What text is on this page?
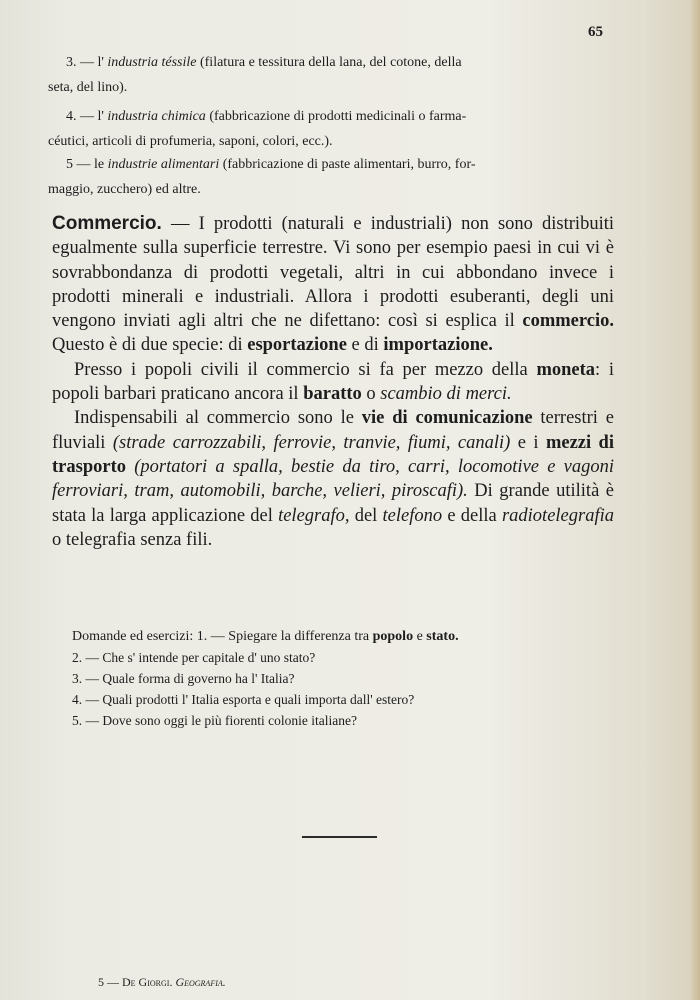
65
3. — l' industria téssile (filatura e tessitura della lana, del cotone, della
seta, del lino).
4. — l' industria chimica (fabbricazione di prodotti medicinali o farma-
céutici, articoli di profumeria, saponi, colori, ecc.).
5 — le industrie alimentari (fabbricazione di paste alimentari, burro, for-
maggio, zucchero) ed altre.

Commercio. — I prodotti (naturali e industriali) non sono distribuiti egualmente sulla superficie terrestre. Vi sono per esempio paesi in cui vi è sovrabbondanza di prodotti vegetali, altri in cui abbondano invece i prodotti minerali e industriali. Allora i prodotti esuberanti, degli uni vengono inviati agli altri che ne difettano: così si esplica il commercio. Questo è di due specie: di esportazione e di importazione.

Presso i popoli civili il commercio si fa per mezzo della moneta: i popoli barbari praticano ancora il baratto o scambio di merci.

Indispensabili al commercio sono le vie di comunicazione terrestri e fluviali (strade carrozzabili, ferrovie, tranvie, fiumi, canali) e i mezzi di trasporto (portatori a spalla, bestie da tiro, carri, locomotive e vagoni ferroviari, tram, automobili, barche, velieri, piroscafi). Di grande utilità è stata la larga applicazione del telegrafo, del telefono e della radiotelegrafia o telegrafia senza fili.

Domande ed esercizi: 1. — Spiegare la differenza tra popolo e stato.
2. — Che s' intende per capitale d' uno stato?
3. — Quale forma di governo ha l' Italia?
4. — Quali prodotti l' Italia esporta e quali importa dall' estero?
5. — Dove sono oggi le più fiorenti colonie italiane?
5 — De Giorgi. Geografia.
